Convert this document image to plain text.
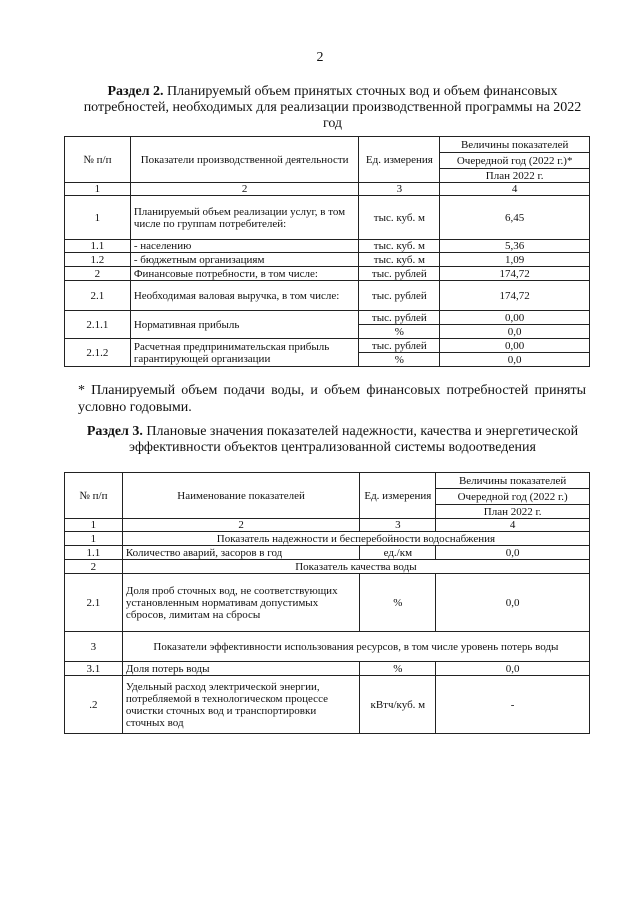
2
Раздел 2. Планируемый объем принятых сточных вод и объем финансовых потребностей, необходимых для реализации производственной программы на 2022 год
№ п/п	Показатели производственной деятельности	Ед. измерения	Величины показателей
			Очередной год (2022 г.)*
			План 2022 г.
1	2	3	4
1	Планируемый объем реализации услуг, в том числе по группам потребителей:	тыс. куб. м	6,45
1.1	- населению	тыс. куб. м	5,36
1.2	- бюджетным организациям	тыс. куб. м	1,09
2	Финансовые потребности, в том числе:	тыс. рублей	174,72
2.1	Необходимая валовая выручка, в том числе:	тыс. рублей	174,72
2.1.1	Нормативная прибыль	тыс. рублей	0,00
		%	0,0
2.1.2	Расчетная предпринимательская прибыль гарантирующей организации	тыс. рублей	0,00
		%	0,0
* Планируемый объем подачи воды, и объем финансовых потребностей приняты условно годовыми.
Раздел 3. Плановые значения показателей надежности, качества и энергетической эффективности объектов централизованной системы водоотведения
№ п/п	Наименование показателей	Ед. измерения	Величины показателей
			Очередной год (2022 г.)
			План 2022 г.
1	2	3	4
1	Показатель надежности и бесперебойности водоснабжения		
1.1	Количество аварий, засоров в год	ед./км	0,0
2	Показатель качества воды		
2.1	Доля проб сточных вод, не соответствующих установленным нормативам допустимых сбросов, лимитам на сбросы	%	0,0
3	Показатели эффективности использования ресурсов, в том числе уровень потерь воды		
3.1	Доля потерь воды	%	0,0
.2	Удельный расход электрической энергии, потребляемой в технологическом процессе очистки сточных вод и транспортировки сточных вод	кВтч/куб. м	-
